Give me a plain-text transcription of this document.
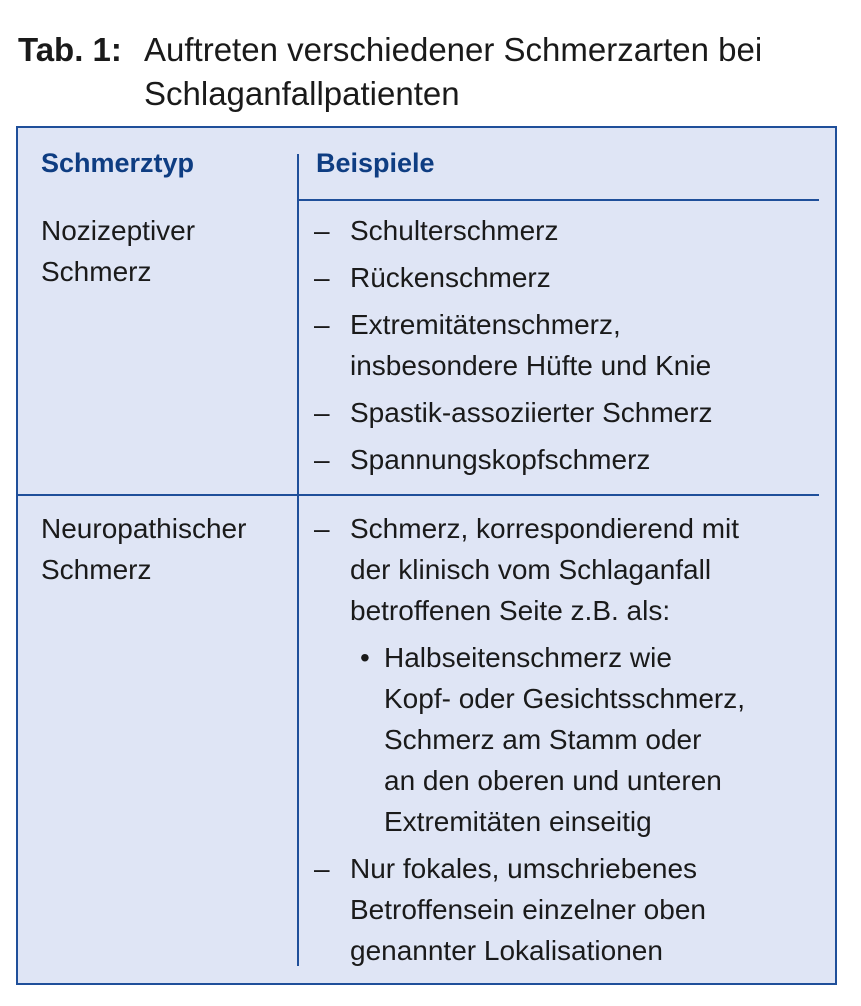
Tab. 1: Auftreten verschiedener Schmerzarten bei
Schlaganfallpatienten
Schmerztyp	Beispiele
Nozizeptiver
Schmerz
– Schulterschmerz
– Rückenschmerz
– Extremitätenschmerz,
insbesondere Hüfte und Knie
– Spastik-assoziierter Schmerz
– Spannungskopfschmerz
Neuropathischer
Schmerz
– Schmerz, korrespondierend mit
der klinisch vom Schlaganfall
betroffenen Seite z.B. als:
• Halbseitenschmerz wie
Kopf- oder Gesichtsschmerz,
Schmerz am Stamm oder
an den oberen und unteren
Extremitäten einseitig
– Nur fokales, umschriebenes
Betroffensein einzelner oben
genannter Lokalisationen
